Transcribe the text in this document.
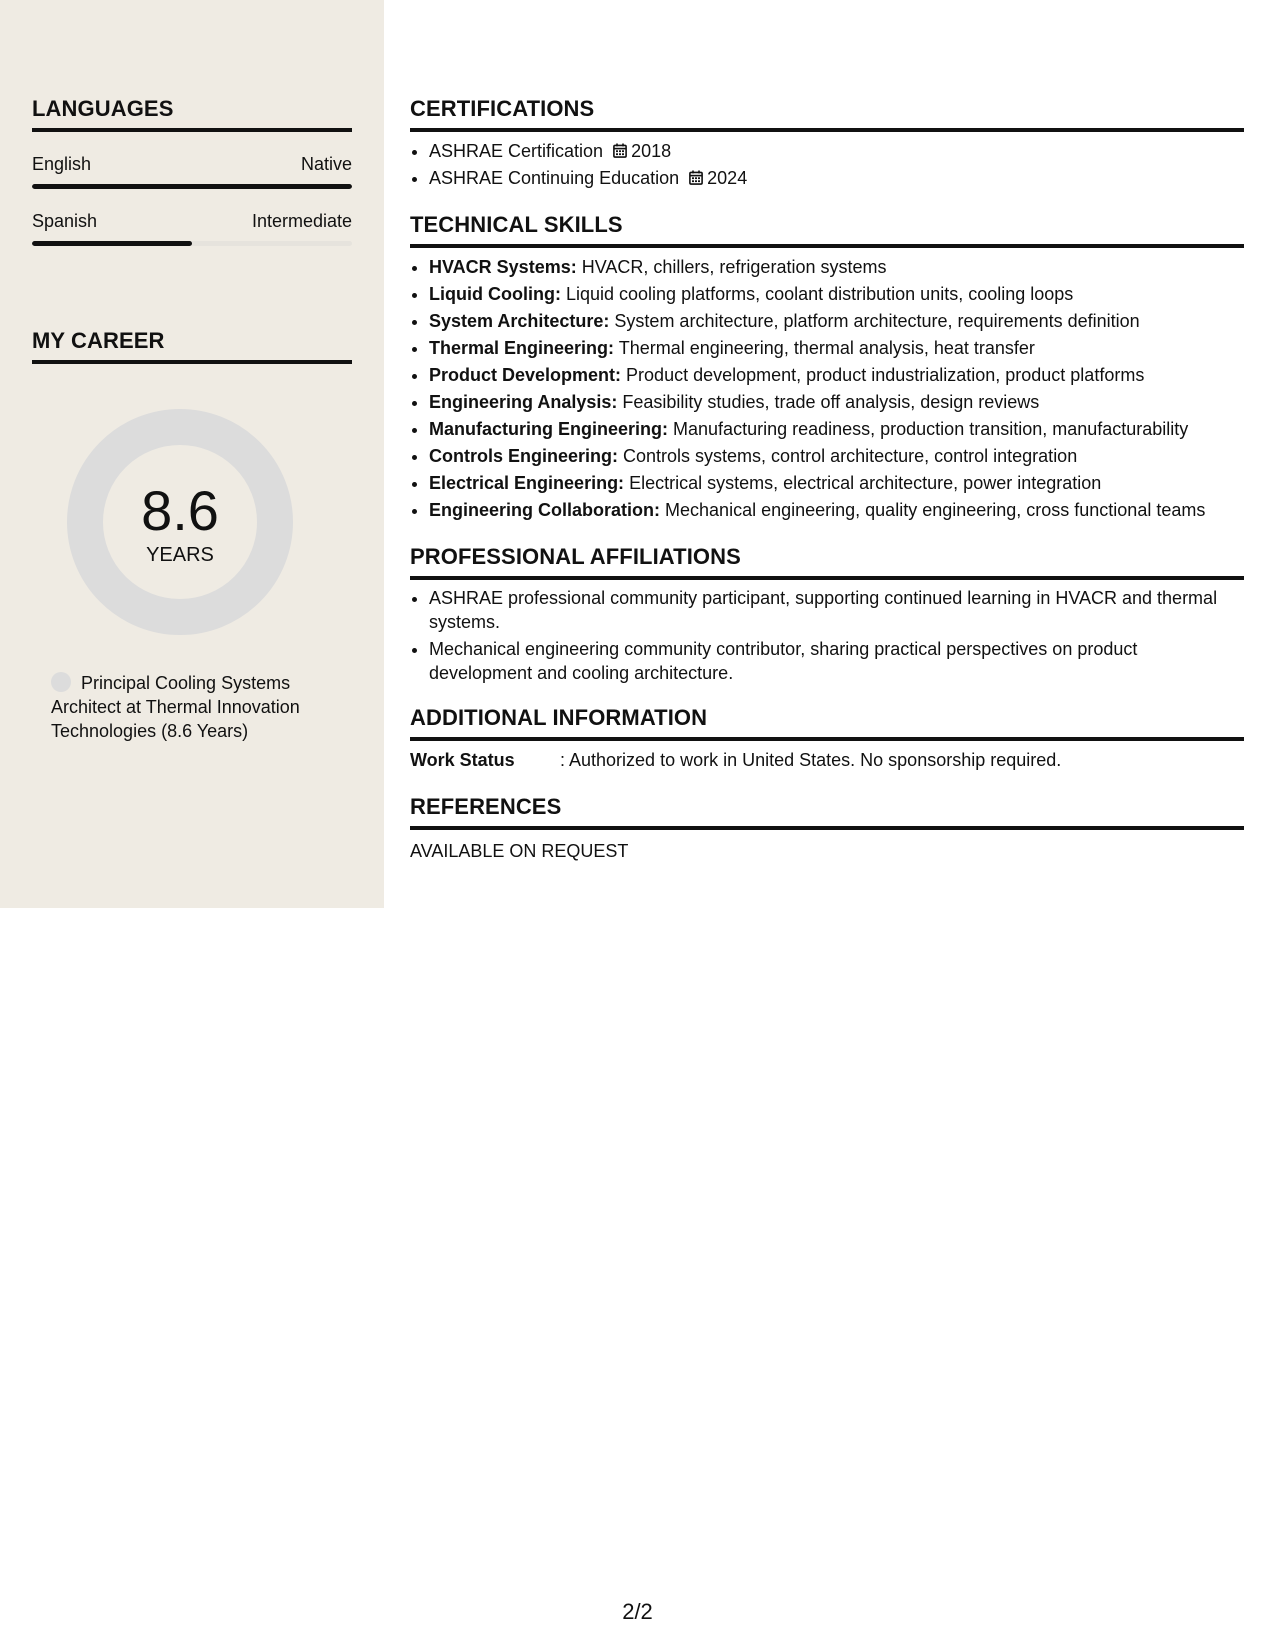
LANGUAGES
English	Native
Spanish	Intermediate
MY CAREER
8.6
YEARS
Principal Cooling Systems Architect at Thermal Innovation Technologies (8.6 Years)
CERTIFICATIONS
• ASHRAE Certification 2018
• ASHRAE Continuing Education 2024
TECHNICAL SKILLS
• HVACR Systems: HVACR, chillers, refrigeration systems
• Liquid Cooling: Liquid cooling platforms, coolant distribution units, cooling loops
• System Architecture: System architecture, platform architecture, requirements definition
• Thermal Engineering: Thermal engineering, thermal analysis, heat transfer
• Product Development: Product development, product industrialization, product platforms
• Engineering Analysis: Feasibility studies, trade off analysis, design reviews
• Manufacturing Engineering: Manufacturing readiness, production transition, manufacturability
• Controls Engineering: Controls systems, control architecture, control integration
• Electrical Engineering: Electrical systems, electrical architecture, power integration
• Engineering Collaboration: Mechanical engineering, quality engineering, cross functional teams
PROFESSIONAL AFFILIATIONS
• ASHRAE professional community participant, supporting continued learning in HVACR and thermal systems.
• Mechanical engineering community contributor, sharing practical perspectives on product development and cooling architecture.
ADDITIONAL INFORMATION
Work Status	: Authorized to work in United States. No sponsorship required.
REFERENCES
AVAILABLE ON REQUEST
2/2
